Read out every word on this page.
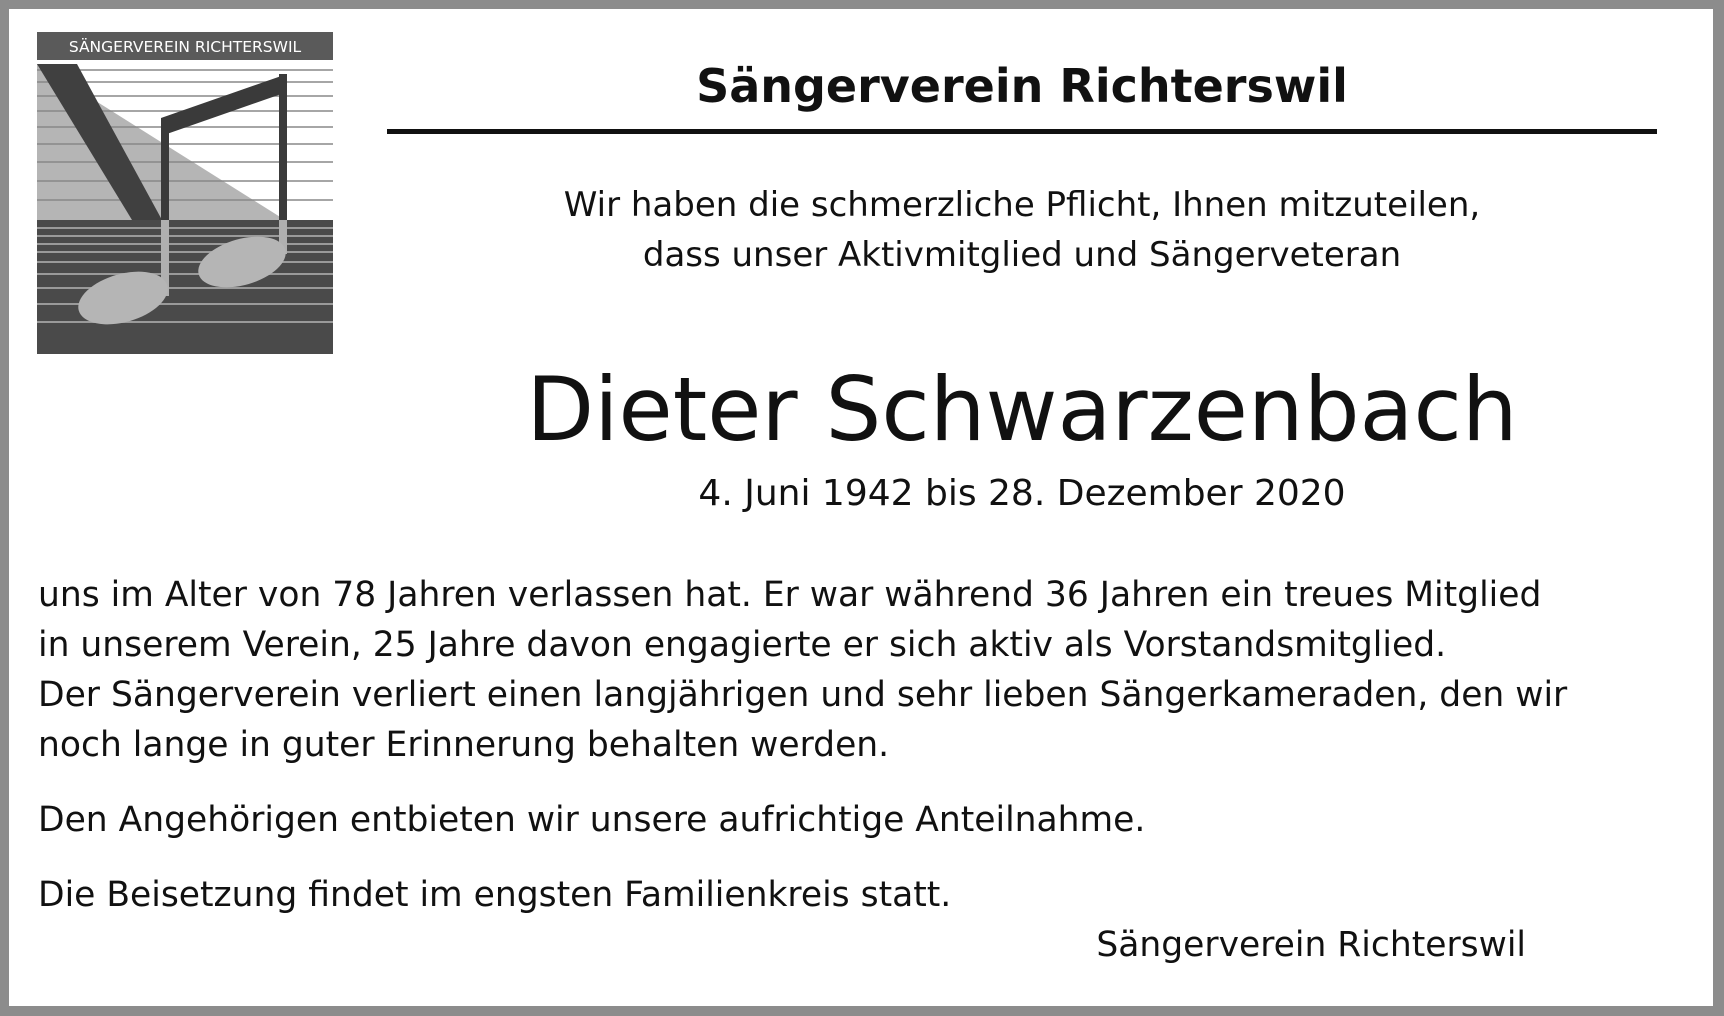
SÄNGERVEREIN RICHTERSWIL
Sängerverein Richterswil
Wir haben die schmerzliche Pflicht, Ihnen mitzuteilen,
dass unser Aktivmitglied und Sängerveteran
Dieter Schwarzenbach
4. Juni 1942 bis 28. Dezember 2020
uns im Alter von 78 Jahren verlassen hat. Er war während 36 Jahren ein treues Mitglied
in unserem Verein, 25 Jahre davon engagierte er sich aktiv als Vorstandsmitglied.
Der Sängerverein verliert einen langjährigen und sehr lieben Sängerkameraden, den wir
noch lange in guter Erinnerung behalten werden.
Den Angehörigen entbieten wir unsere aufrichtige Anteilnahme.
Die Beisetzung findet im engsten Familienkreis statt.
Sängerverein Richterswil
